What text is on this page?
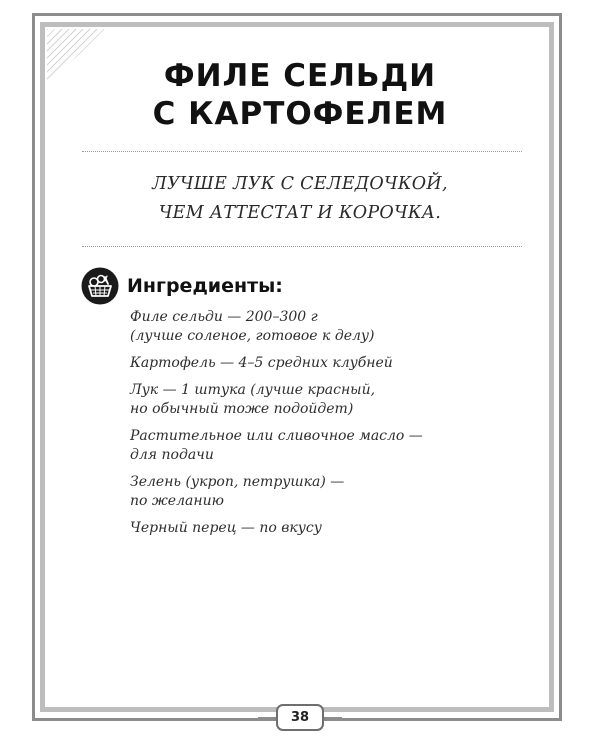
ФИЛЕ СЕЛЬДИ
С КАРТОФЕЛЕМ
ЛУЧШЕ ЛУК С СЕЛЕДОЧКОЙ,
ЧЕМ АТТЕСТАТ И КОРОЧКА.
Ингредиенты:
Филе сельди — 200–300 г
(лучше соленое, готовое к делу)
Картофель — 4–5 средних клубней
Лук — 1 штука (лучше красный,
но обычный тоже подойдет)
Растительное или сливочное масло —
для подачи
Зелень (укроп, петрушка) —
по желанию
Черный перец — по вкусу
38
